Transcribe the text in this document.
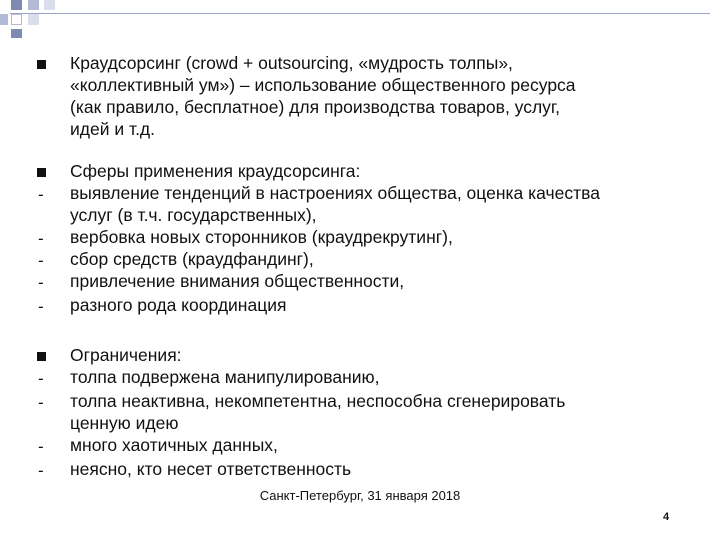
Краудсорсинг (crowd + outsourcing, «мудрость толпы»,
«коллективный ум») – использование общественного ресурса
(как правило, бесплатное) для производства товаров, услуг,
идей и т.д.
Сферы применения краудсорсинга:
- выявление тенденций в настроениях общества, оценка качества
услуг (в т.ч. государственных),
- вербовка новых сторонников (краудрекрутинг),
- сбор средств (краудфандинг),
- привлечение внимания общественности,
- разного рода координация
Ограничения:
- толпа подвержена манипулированию,
- толпа неактивна, некомпетентна, неспособна сгенерировать
ценную идею
- много хаотичных данных,
- неясно, кто несет ответственность
Санкт-Петербург, 31 января 2018
4
